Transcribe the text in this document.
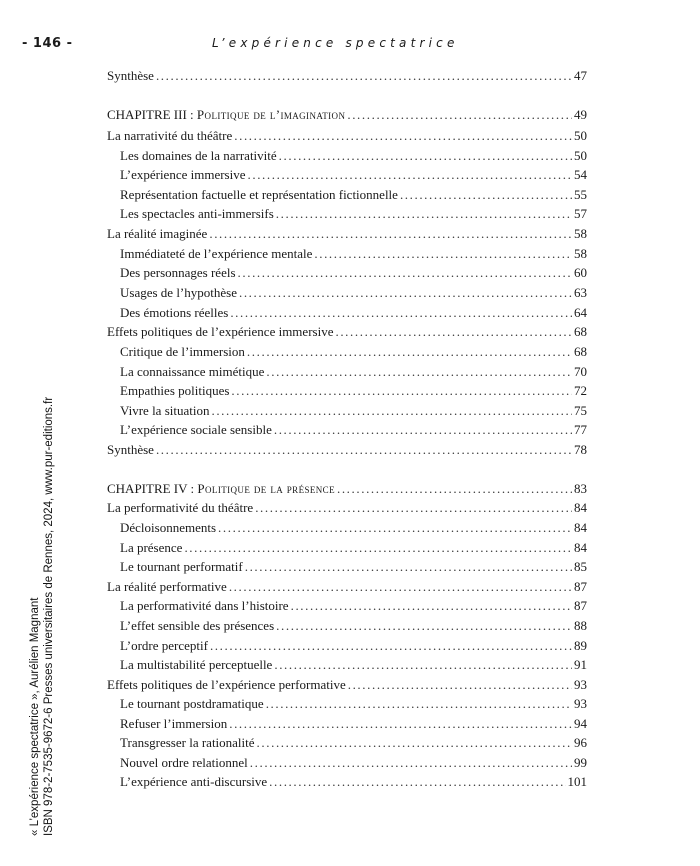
- 146 -	L’expérience spectatrice
« L’expérience spectatrice », Aurélien Magnant ISBN 978-2-7535-9672-6 Presses universitaires de Rennes, 2024, www.pur-editions.fr
Synthèse .....	47
CHAPITRE III : Politique de l’imagination .....	49
La narrativité du théâtre .....	50
Les domaines de la narrativité .....	50
L’expérience immersive .....	54
Représentation factuelle et représentation fictionnelle .....	55
Les spectacles anti-immersifs .....	57
La réalité imaginée .....	58
Immédiateté de l’expérience mentale .....	58
Des personnages réels .....	60
Usages de l’hypothèse .....	63
Des émotions réelles .....	64
Effets politiques de l’expérience immersive .....	68
Critique de l’immersion .....	68
La connaissance mimétique .....	70
Empathies politiques .....	72
Vivre la situation .....	75
L’expérience sociale sensible .....	77
Synthèse .....	78
CHAPITRE IV : Politique de la présence .....	83
La performativité du théâtre .....	84
Décloisonnements .....	84
La présence .....	84
Le tournant performatif .....	85
La réalité performative .....	87
La performativité dans l’histoire .....	87
L’effet sensible des présences .....	88
L’ordre perceptif .....	89
La multistabilité perceptuelle .....	91
Effets politiques de l’expérience performative .....	93
Le tournant postdramatique .....	93
Refuser l’immersion .....	94
Transgresser la rationalité .....	96
Nouvel ordre relationnel .....	99
L’expérience anti-discursive .....	101
